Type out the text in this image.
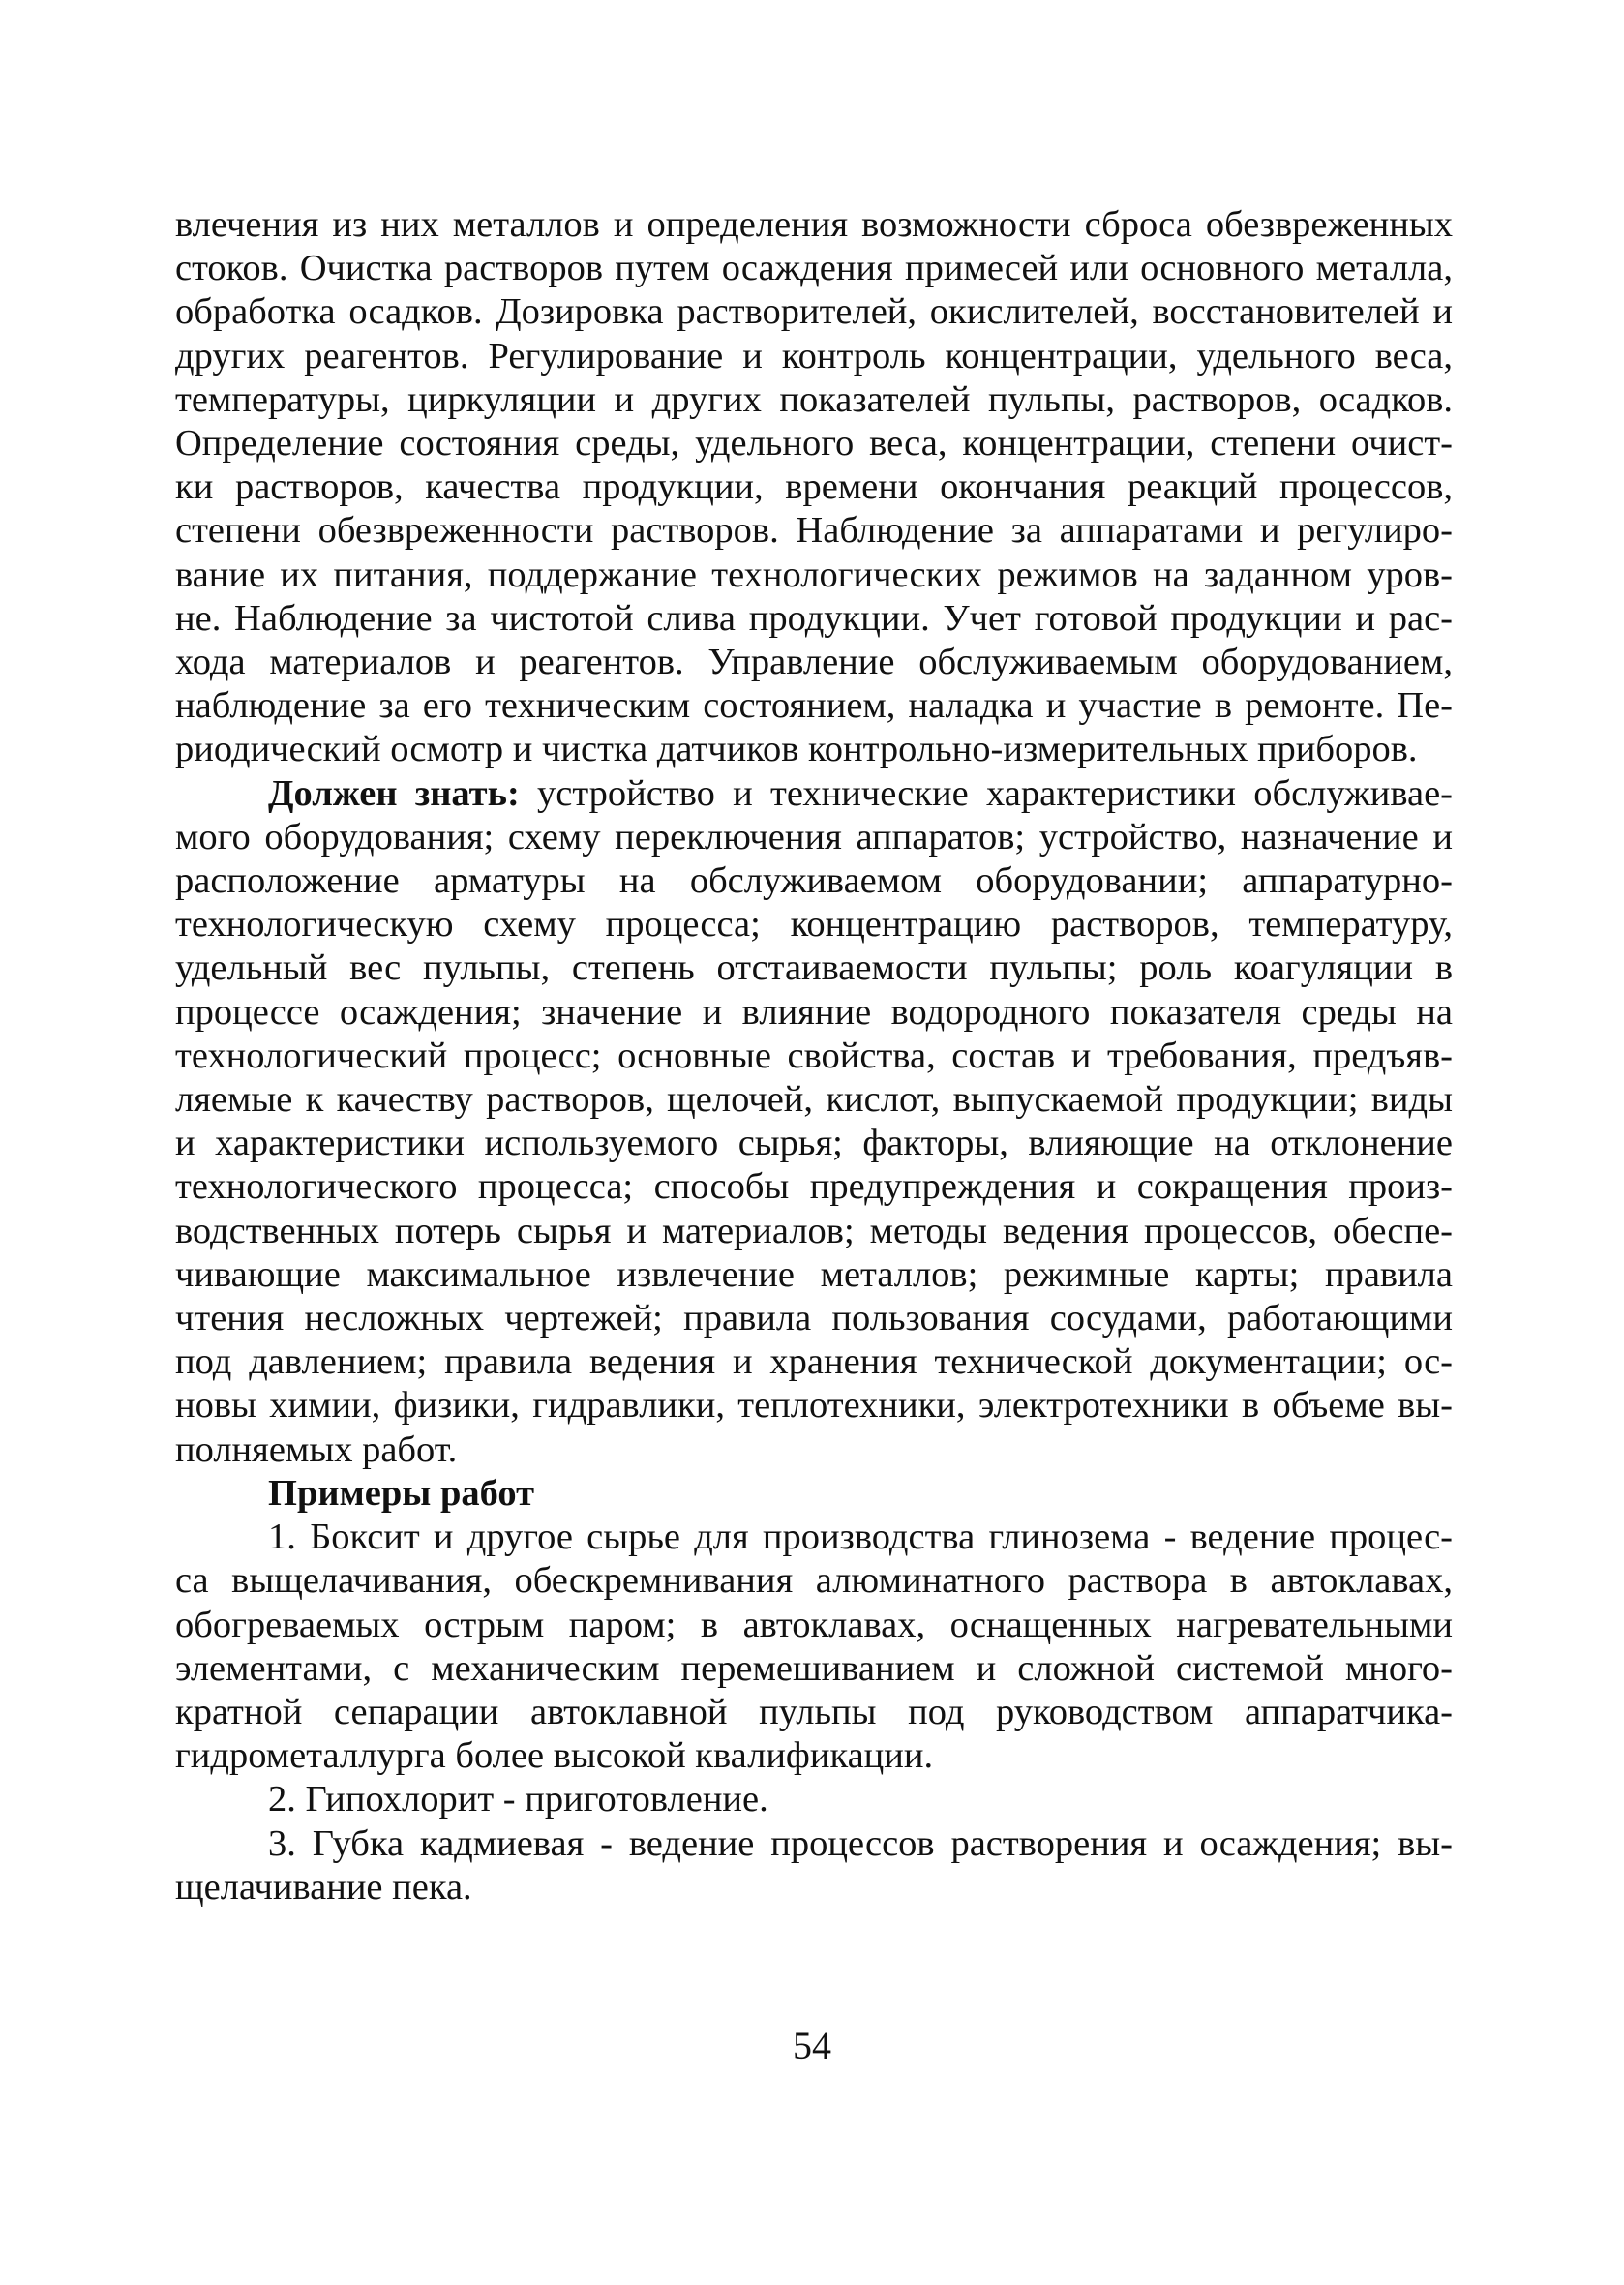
влечения из них металлов и определения возможности сброса обезвреженных
стоков. Очистка растворов путем осаждения примесей или основного металла,
обработка осадков. Дозировка растворителей, окислителей, восстановителей и
других реагентов. Регулирование и контроль концентрации, удельного веса,
температуры, циркуляции и других показателей пульпы, растворов, осадков.
Определение состояния среды, удельного веса, концентрации, степени очист-
ки растворов, качества продукции, времени окончания реакций процессов,
степени обезвреженности растворов. Наблюдение за аппаратами и регулиро-
вание их питания, поддержание технологических режимов на заданном уров-
не. Наблюдение за чистотой слива продукции. Учет готовой продукции и рас-
хода материалов и реагентов. Управление обслуживаемым оборудованием,
наблюдение за его техническим состоянием, наладка и участие в ремонте. Пе-
риодический осмотр и чистка датчиков контрольно-измерительных приборов.
Должен знать: устройство и технические характеристики обслуживае-
мого оборудования; схему переключения аппаратов; устройство, назначение и
расположение арматуры на обслуживаемом оборудовании; аппаратурно-
технологическую схему процесса; концентрацию растворов, температуру,
удельный вес пульпы, степень отстаиваемости пульпы; роль коагуляции в
процессе осаждения; значение и влияние водородного показателя среды на
технологический процесс; основные свойства, состав и требования, предъяв-
ляемые к качеству растворов, щелочей, кислот, выпускаемой продукции; виды
и характеристики используемого сырья; факторы, влияющие на отклонение
технологического процесса; способы предупреждения и сокращения произ-
водственных потерь сырья и материалов; методы ведения процессов, обеспе-
чивающие максимальное извлечение металлов; режимные карты; правила
чтения несложных чертежей; правила пользования сосудами, работающими
под давлением; правила ведения и хранения технической документации; ос-
новы химии, физики, гидравлики, теплотехники, электротехники в объеме вы-
полняемых работ.
Примеры работ
1. Боксит и другое сырье для производства глинозема - ведение процес-
са выщелачивания, обескремнивания алюминатного раствора в автоклавах,
обогреваемых острым паром; в автоклавах, оснащенных нагревательными
элементами, с механическим перемешиванием и сложной системой много-
кратной сепарации автоклавной пульпы под руководством аппаратчика-
гидрометаллурга более высокой квалификации.
2. Гипохлорит - приготовление.
3. Губка кадмиевая - ведение процессов растворения и осаждения; вы-
щелачивание пека.
54
